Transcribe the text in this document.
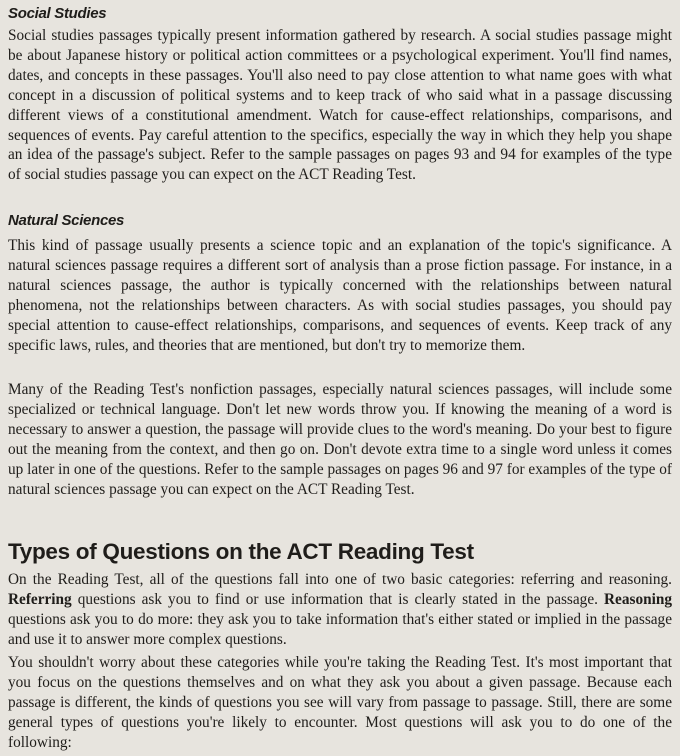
Social Studies

Social studies passages typically present information gathered by research. A social studies passage might be about Japanese history or political action committees or a psychological experiment. You'll find names, dates, and concepts in these passages. You'll also need to pay close attention to what name goes with what concept in a discussion of political systems and to keep track of who said what in a passage discussing different views of a constitutional amendment. Watch for cause-effect relationships, comparisons, and sequences of events. Pay careful attention to the specifics, especially the way in which they help you shape an idea of the passage's subject. Refer to the sample passages on pages 93 and 94 for examples of the type of social studies passage you can expect on the ACT Reading Test.

Natural Sciences

This kind of passage usually presents a science topic and an explanation of the topic's significance. A natural sciences passage requires a different sort of analysis than a prose fiction passage. For instance, in a natural sciences passage, the author is typically concerned with the relationships between natural phenomena, not the relationships between characters. As with social studies passages, you should pay special attention to cause-effect relationships, comparisons, and sequences of events. Keep track of any specific laws, rules, and theories that are mentioned, but don't try to memorize them.

Many of the Reading Test's nonfiction passages, especially natural sciences passages, will include some specialized or technical language. Don't let new words throw you. If knowing the meaning of a word is necessary to answer a question, the passage will provide clues to the word's meaning. Do your best to figure out the meaning from the context, and then go on. Don't devote extra time to a single word unless it comes up later in one of the questions. Refer to the sample passages on pages 96 and 97 for examples of the type of natural sciences passage you can expect on the ACT Reading Test.

Types of Questions on the ACT Reading Test

On the Reading Test, all of the questions fall into one of two basic categories: referring and reasoning. Referring questions ask you to find or use information that is clearly stated in the passage. Reasoning questions ask you to do more: they ask you to take information that's either stated or implied in the passage and use it to answer more complex questions.

You shouldn't worry about these categories while you're taking the Reading Test. It's most important that you focus on the questions themselves and on what they ask you about a given passage. Because each passage is different, the kinds of questions you see will vary from passage to passage. Still, there are some general types of questions you're likely to encounter. Most questions will ask you to do one of the following:
